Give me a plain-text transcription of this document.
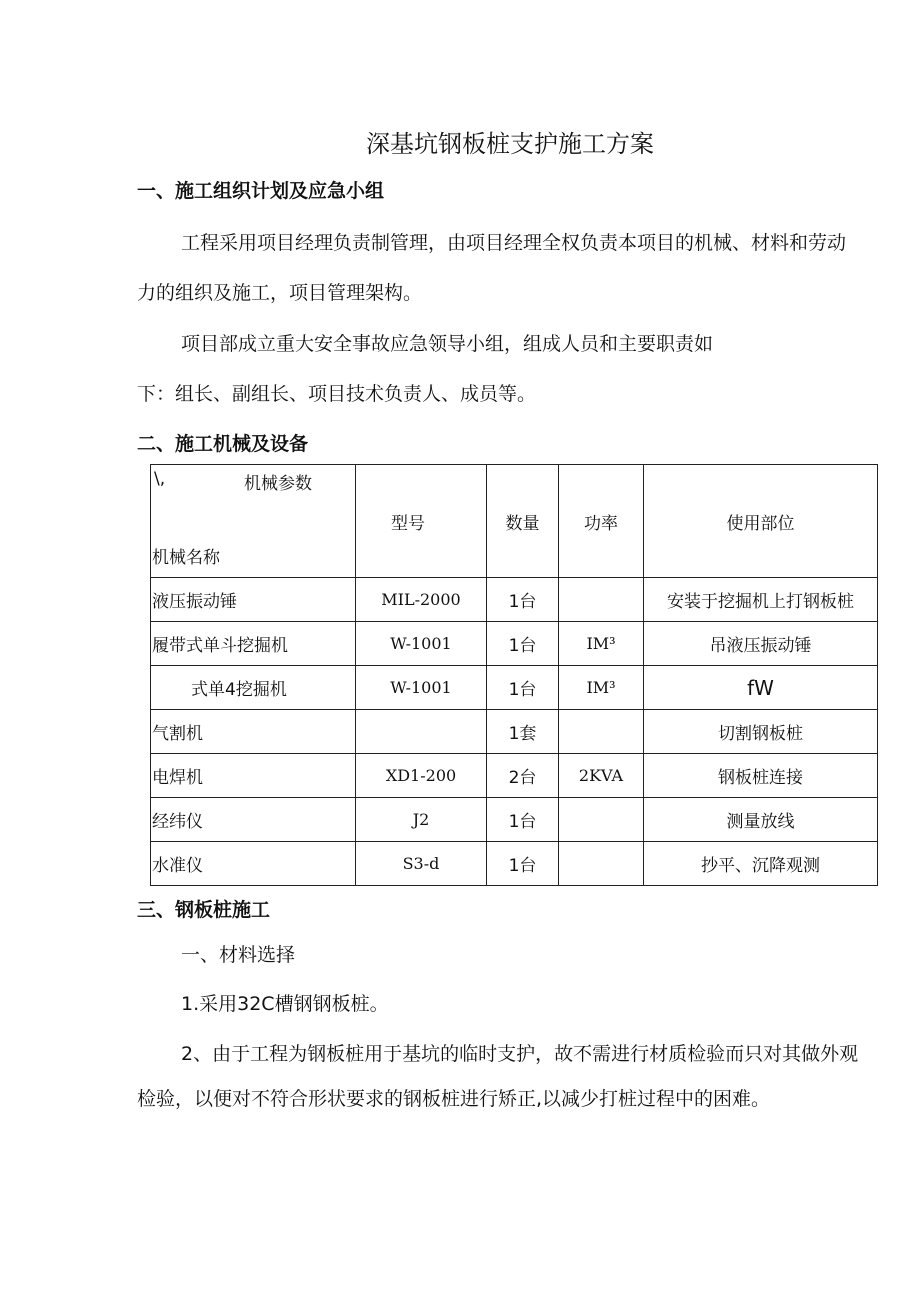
深基坑钢板桩支护施工方案
一、施工组织计划及应急小组
工程采用项目经理负责制管理，由项目经理全权负责本项目的机械、材料和劳动
力的组织及施工，项目管理架构。
项目部成立重大安全事故应急领导小组，组成人员和主要职责如
下：组长、副组长、项目技术负责人、成员等。
二、施工机械及设备
\, 机械参数
机械名称	型号	数量	功率	使用部位
液压振动锤	MIL-2000	1台		安装于挖掘机上打钢板桩
履带式单斗挖掘机	W-1001	1台	IM³	吊液压振动锤
式单4挖掘机	W-1001	1台	IM³	fW
气割机		1套		切割钢板桩
电焊机	XD1-200	2台	2KVA	钢板桩连接
经纬仪	J2	1台		测量放线
水准仪	S3-d	1台		抄平、沉降观测
三、钢板桩施工
一、材料选择
1.采用32C槽钢钢板桩。
2、由于工程为钢板桩用于基坑的临时支护，故不需进行材质检验而只对其做外观
检验，以便对不符合形状要求的钢板桩进行矫正,以减少打桩过程中的困难。
